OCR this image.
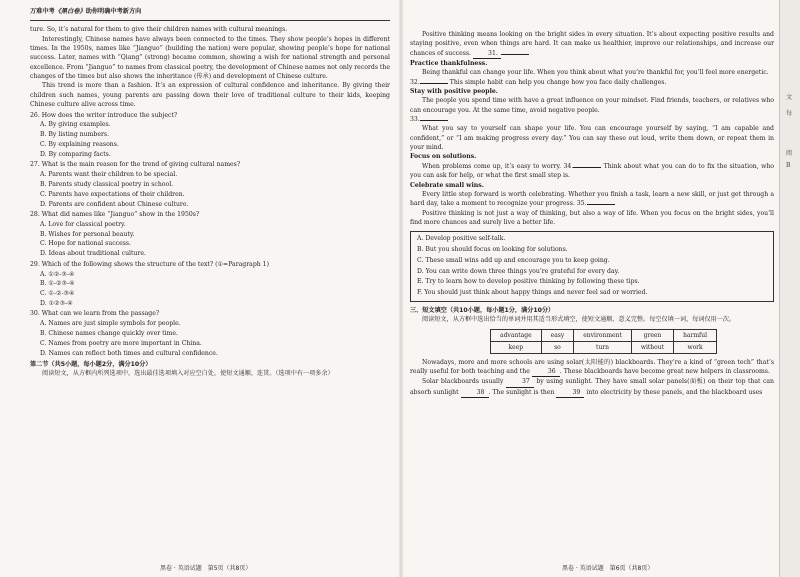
万难中考《黑白卷》助你明确中考新方向

ture. So, it’s natural for them to give their children names with cultural meanings.

Interestingly, Chinese names have always been connected to the times. They show people’s hopes in different times. In the 1950s, names like “Jianguo” (building the nation) were popular, showing people’s hope for national success. Later, names with “Qiang” (strong) became common, showing a wish for national strength and personal excellence. From “Jianguo” to names from classical poetry, the development of Chinese names not only records the changes of the times but also shows the inheritance (传承) and development of Chinese culture.

This trend is more than a fashion. It’s an expression of cultural confidence and inheritance. By giving their children such names, young parents are passing down their love of traditional culture to their kids, keeping Chinese culture alive across time.

26. How does the writer introduce the subject?
A. By giving examples.
B. By listing numbers.
C. By explaining reasons.
D. By comparing facts.
27. What is the main reason for the trend of giving cultural names?
A. Parents want their children to be special.
B. Parents study classical poetry in school.
C. Parents have expectations of their children.
D. Parents are confident about Chinese culture.
28. What did names like “Jianguo” show in the 1950s?
A. Love for classical poetry.
B. Wishes for personal beauty.
C. Hope for national success.
D. Ideas about traditional culture.
29. Which of the following shows the structure of the text? (①=Paragraph 1)
A. ①②-③-④
B. ①-②③-④
C. ①-②-③④
D. ①②③-④
30. What can we learn from the passage?
A. Names are just simple symbols for people.
B. Chinese names change quickly over time.
C. Names from poetry are more important in China.
D. Names can reflect both times and cultural confidence.
第二节（共5小题，每小题2分，满分10分）

阅读短文，从方框内所列选项中，选出最佳选项填入对应空白处，使短文通顺、连贯。（选项中有一项多余）

黑卷 · 英语试题　第5页（共8页）

Positive thinking means looking on the bright sides in every situation. It’s about expecting positive results and staying positive, even when things are hard. It can make us healthier, improve our relationships, and increase our chances of success.	31.

Practice thankfulness.

Being thankful can change your life. When you think about what you’re thankful for, you’ll feel more energetic.

32.	This simple habit can help you change how you face daily challenges.

Stay with positive people.

The people you spend time with have a great influence on your mindset. Find friends, teachers, or relatives who can encourage you. At the same time, avoid negative people.

33.

What you say to yourself can shape your life. You can encourage yourself by saying, “I am capable and confident,” or “I am making progress every day.” You can say these out loud, write them down, or repeat them in your mind.

Focus on solutions.

When problems come up, it’s easy to worry. 34.	Think about what you can do to fix the situation, who you can ask for help, or what the first small step is.

Celebrate small wins.

Every little step forward is worth celebrating. Whether you finish a task, learn a new skill, or just get through a hard day, take a moment to recognize your progress. 35.

Positive thinking is not just a way of thinking, but also a way of life. When you focus on the bright sides, you’ll find more chances and surely live a better life.

A. Develop positive self-talk.
B. But you should focus on looking for solutions.
C. These small wins add up and encourage you to keep going.
D. You can write down three things you’re grateful for every day.
E. Try to learn how to develop positive thinking by following these tips.
F. You should just think about happy things and never feel sad or worried.
三、短文填空（共10小题，每小题1分，满分10分）

阅读短文，从方框中选出恰当的单词并用其适当形式填空，使短文通顺、意义完整。每空仅填一词，每词仅用一次。

advantage	easy	environment	green	harmful
keep	so	turn	without	work

Nowadays, more and more schools are using solar(太阳能的) blackboards. They’re a kind of “green tech” that’s really useful for both teaching and the	36 . These blackboards have become great new helpers in classrooms.

Solar blackboards usually	37 by using sunlight. They have small solar panels(面板) on their top that can absorb sunlight	38 . The sunlight is then	39 into electricity by these panels, and the blackboard uses

黑卷 · 英语试题　第6页（共8页）
文
每
阅
B
